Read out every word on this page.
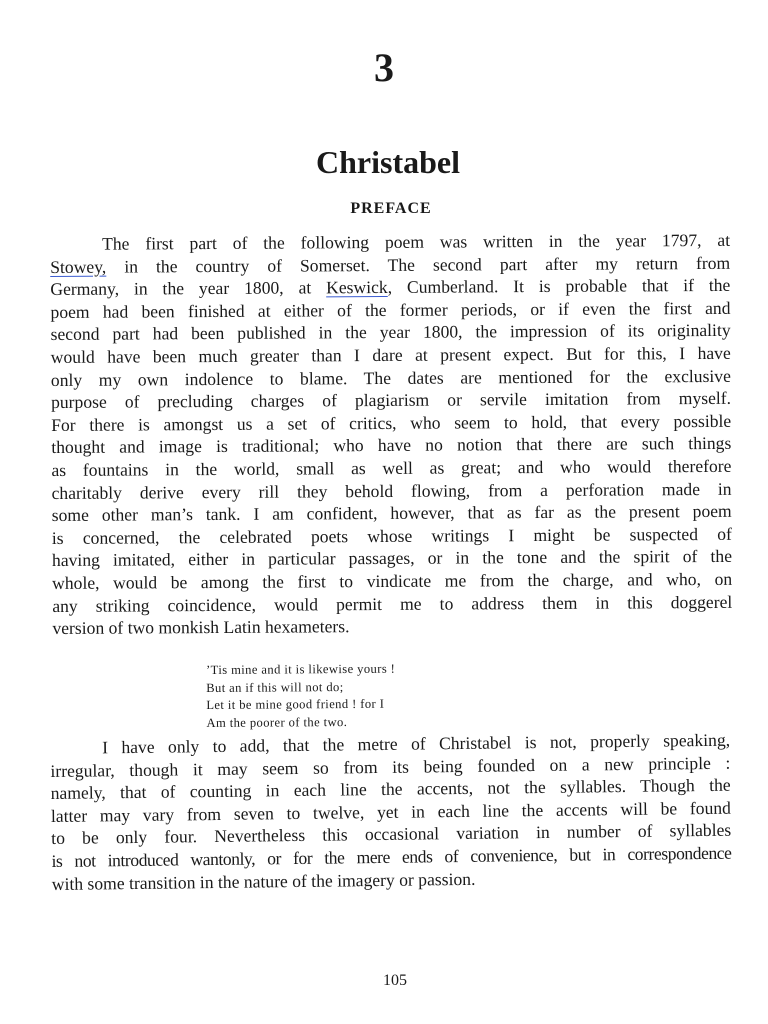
3
Christabel
PREFACE
The first part of the following poem was written in the year 1797, at
Stowey, in the country of Somerset. The second part after my return from
Germany, in the year 1800, at Keswick, Cumberland. It is probable that if the
poem had been finished at either of the former periods, or if even the first and
second part had been published in the year 1800, the impression of its originality
would have been much greater than I dare at present expect. But for this, I have
only my own indolence to blame. The dates are mentioned for the exclusive
purpose of precluding charges of plagiarism or servile imitation from myself.
For there is amongst us a set of critics, who seem to hold, that every possible
thought and image is traditional; who have no notion that there are such things
as fountains in the world, small as well as great; and who would therefore
charitably derive every rill they behold flowing, from a perforation made in
some other man’s tank. I am confident, however, that as far as the present poem
is concerned, the celebrated poets whose writings I might be suspected of
having imitated, either in particular passages, or in the tone and the spirit of the
whole, would be among the first to vindicate me from the charge, and who, on
any striking coincidence, would permit me to address them in this doggerel
version of two monkish Latin hexameters.
’Tis mine and it is likewise yours !
But an if this will not do;
Let it be mine good friend ! for I
Am the poorer of the two.
I have only to add, that the metre of Christabel is not, properly speaking,
irregular, though it may seem so from its being founded on a new principle :
namely, that of counting in each line the accents, not the syllables. Though the
latter may vary from seven to twelve, yet in each line the accents will be found
to be only four. Nevertheless this occasional variation in number of syllables
is not introduced wantonly, or for the mere ends of convenience, but in correspondence
with some transition in the nature of the imagery or passion.
105
